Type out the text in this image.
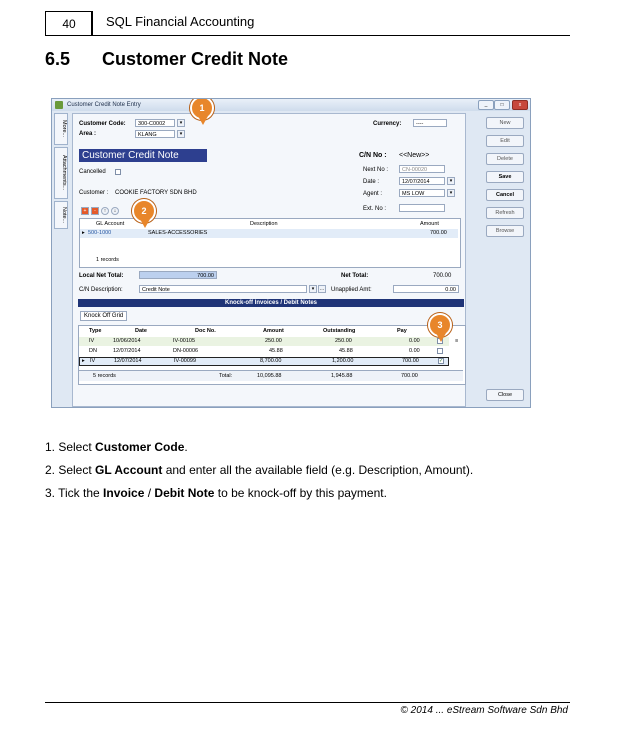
40	SQL Financial Accounting
6.5 Customer Credit Note
Customer Credit Note Entry	_	□	x
More...
Attachments...
Note...
Customer Code:	300-C0002	▾
Area :	KLANG	▾
Currency:	----
Customer Credit Note
Cancelled
Customer : COOKIE FACTORY SDN BHD
C/N No : <<New>>
Next No :	CN-00020
Date :	12/07/2014	▾
Agent :	MS LOW	▾
Ext. No :
+	-	↑	↓
GL Account	Description	Amount
▸ 500-1000	SALES-ACCESSORIES	700.00
1 records
Local Net Total:	700.00	Net Total:	700.00
C/N Description:	Credit Note	▾	… Unapplied Amt:	0.00
Knock-off Invoices / Debit Notes
Knock Off Grid
Type	Date	Doc No.	Amount	Outstanding	Pay
IV	10/06/2014	IV-00105	250.00	250.00	0.00
DN	12/07/2014	DN-00006	45.88	45.88	0.00
▸ IV	12/07/2014	IV-00099	8,700.00	1,200.00	700.00	✓
≡
5 records	Total:	10,095.88	1,945.88	700.00
New
Edit
Delete
Save
Cancel
Refresh
Browse
Close
1
2
3
1. Select Customer Code.
2. Select GL Account and enter all the available field (e.g. Description, Amount).
3. Tick the Invoice / Debit Note to be knock-off by this payment.
© 2014 ... eStream Software Sdn Bhd
